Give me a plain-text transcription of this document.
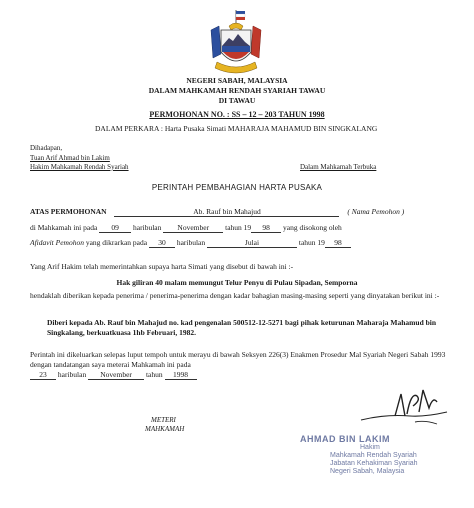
NEGERI SABAH, MALAYSIA
DALAM MAHKAMAH RENDAH SYARIAH TAWAU
DI TAWAU
PERMOHONAN NO. : SS – 12 – 203 TAHUN 1998
DALAM PERKARA : Harta Pusaka Simati MAHARAJA MAHAMUD BIN SINGKALANG
Dihadapan,
Tuan Arif Ahmad bin Lakim
Hakim Mahkamah Rendah Syariah	Dalam Mahkamah Terbuka
PERINTAH PEMBAHAGIAN HARTA PUSAKA
ATAS PERMOHONAN	Ab. Rauf bin Mahajud	( Nama Pemohon )
di Mahkamah ini pada 09 haribulan November tahun 19 98 yang disokong oleh
Afidavit Pemohon yang dikrarkan pada 30 haribulan	Julai	tahun 19 98
Yang Arif Hakim telah memerintahkan supaya harta Simati yang disebut di bawah ini :-
Hak giliran 40 malam memungut Telur Penyu di Pulau Sipadan, Semporna
hendaklah diberikan kepada penerima / penerima-penerima dengan kadar bahagian masing-masing seperti yang dinyatakan berikut ini :-
Diberi kepada Ab. Rauf bin Mahajud no. kad pengenalan 500512-12-5271 bagi pihak keturunan Maharaja Mahamud bin Singkalang, berkuatkuasa 1hb Februari, 1982.
Perintah ini dikeluarkan selepas luput tempoh untuk merayu di bawah Seksyen 226(3) Enakmen Prosedur Mal Syariah Negeri Sabah 1993 dengan tandatangan saya meterai Mahkamah ini pada
23 haribulan November tahun 1998
METERI
MAHKAMAH
AHMAD BIN LAKIM
Hakim
Mahkamah Rendah Syariah
Jabatan Kehakiman Syariah
Negeri Sabah, Malaysia
